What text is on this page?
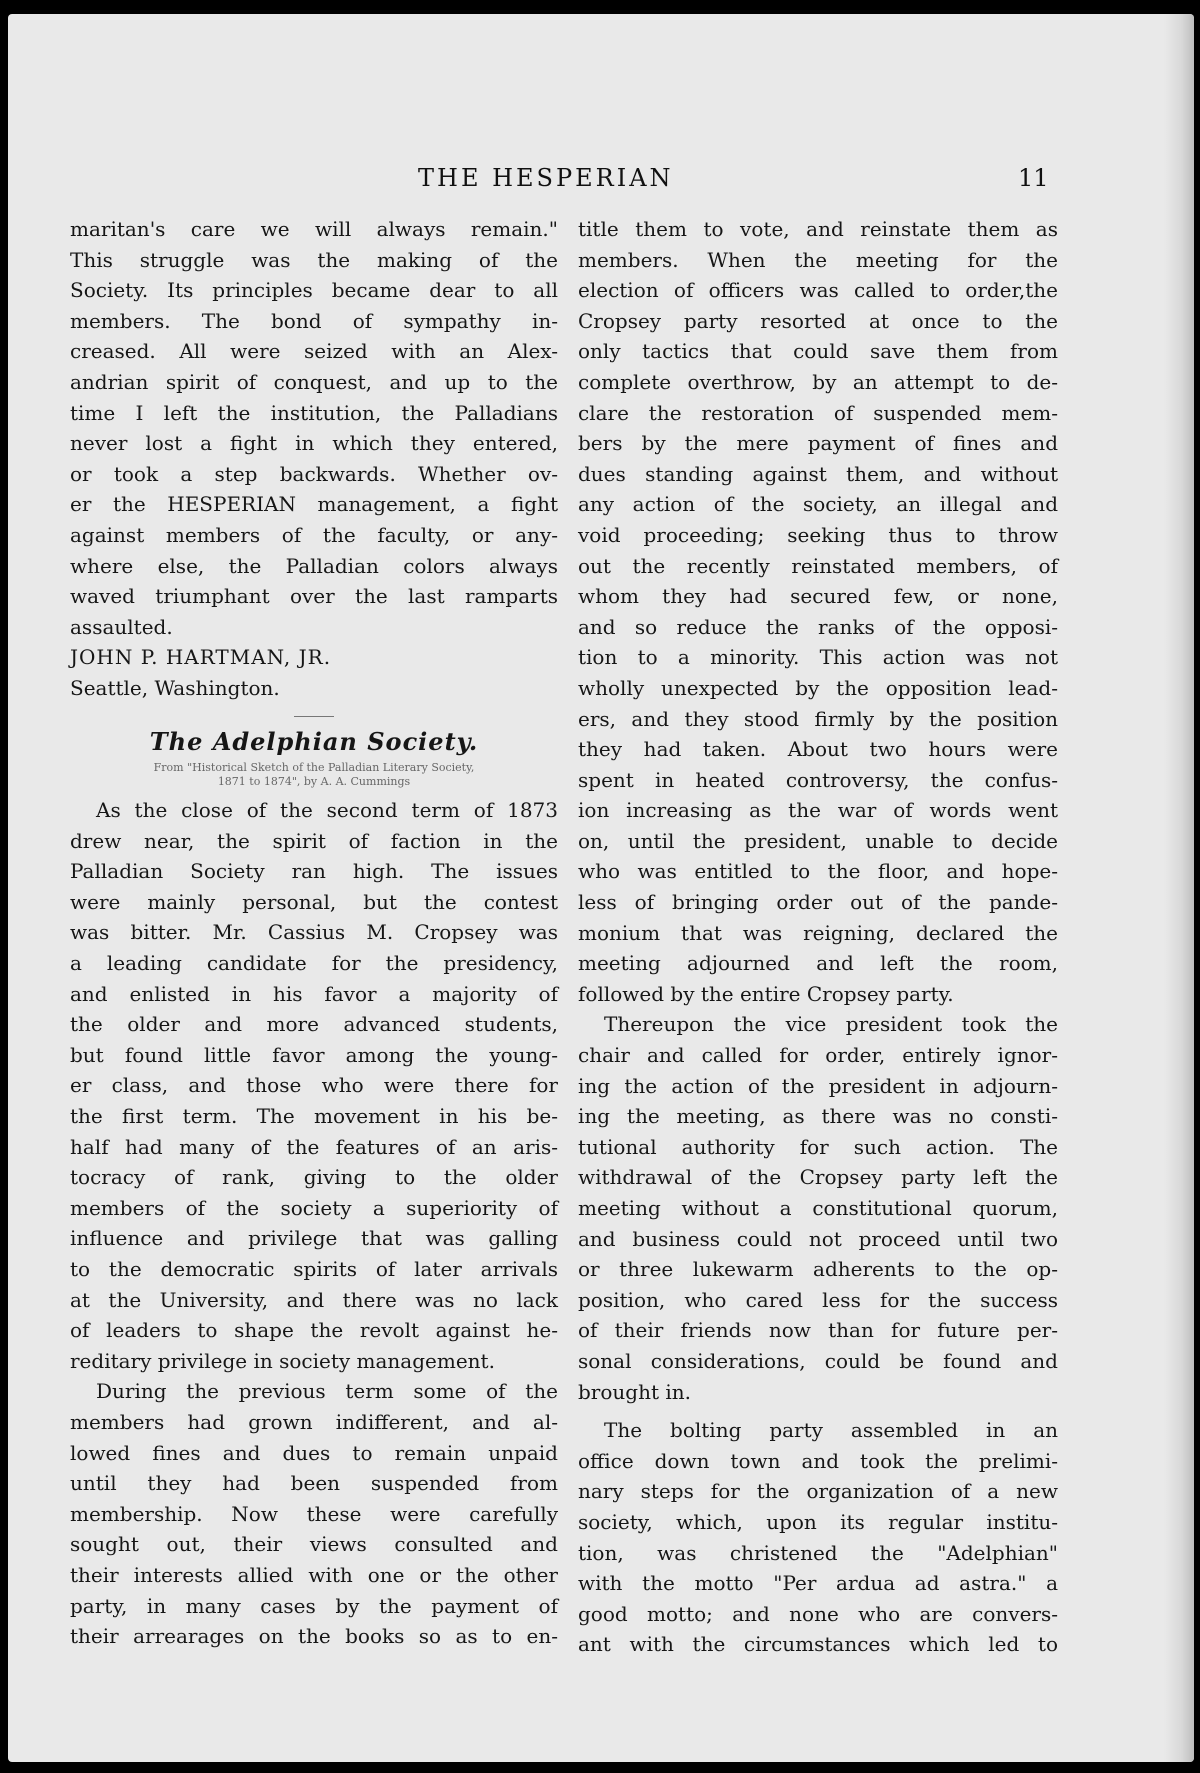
THE HESPERIAN	11
maritan's care we will always remain."
This struggle was the making of the
Society. Its principles became dear to all
members. The bond of sympathy in-
creased. All were seized with an Alex-
andrian spirit of conquest, and up to the
time I left the institution, the Palladians
never lost a fight in which they entered,
or took a step backwards. Whether ov-
er the HESPERIAN management, a fight
against members of the faculty, or any-
where else, the Palladian colors always
waved triumphant over the last ramparts
assaulted.

JOHN P. HARTMAN, JR.

Seattle, Washington.

The Adelphian Society.
From "Historical Sketch of the Palladian Literary Society,
1871 to 1874", by A. A. Cummings
As the close of the second term of 1873
drew near, the spirit of faction in the
Palladian Society ran high. The issues
were mainly personal, but the contest
was bitter. Mr. Cassius M. Cropsey was
a leading candidate for the presidency,
and enlisted in his favor a majority of
the older and more advanced students,
but found little favor among the young-
er class, and those who were there for
the first term. The movement in his be-
half had many of the features of an aris-
tocracy of rank, giving to the older
members of the society a superiority of
influence and privilege that was galling
to the democratic spirits of later arrivals
at the University, and there was no lack
of leaders to shape the revolt against he-
reditary privilege in society management.
During the previous term some of the
members had grown indifferent, and al-
lowed fines and dues to remain unpaid
until they had been suspended from
membership. Now these were carefully
sought out, their views consulted and
their interests allied with one or the other
party, in many cases by the payment of
their arrearages on the books so as to en-
title them to vote, and reinstate them as
members. When the meeting for the
election of officers was called to order,the
Cropsey party resorted at once to the
only tactics that could save them from
complete overthrow, by an attempt to de-
clare the restoration of suspended mem-
bers by the mere payment of fines and
dues standing against them, and without
any action of the society, an illegal and
void proceeding; seeking thus to throw
out the recently reinstated members, of
whom they had secured few, or none,
and so reduce the ranks of the opposi-
tion to a minority. This action was not
wholly unexpected by the opposition lead-
ers, and they stood firmly by the position
they had taken. About two hours were
spent in heated controversy, the confus-
ion increasing as the war of words went
on, until the president, unable to decide
who was entitled to the floor, and hope-
less of bringing order out of the pande-
monium that was reigning, declared the
meeting adjourned and left the room,
followed by the entire Cropsey party.
Thereupon the vice president took the
chair and called for order, entirely ignor-
ing the action of the president in adjourn-
ing the meeting, as there was no consti-
tutional authority for such action. The
withdrawal of the Cropsey party left the
meeting without a constitutional quorum,
and business could not proceed until two
or three lukewarm adherents to the op-
position, who cared less for the success
of their friends now than for future per-
sonal considerations, could be found and
brought in.
The bolting party assembled in an
office down town and took the prelimi-
nary steps for the organization of a new
society, which, upon its regular institu-
tion, was christened the "Adelphian"
with the motto "Per ardua ad astra." a
good motto; and none who are convers-
ant with the circumstances which led to
